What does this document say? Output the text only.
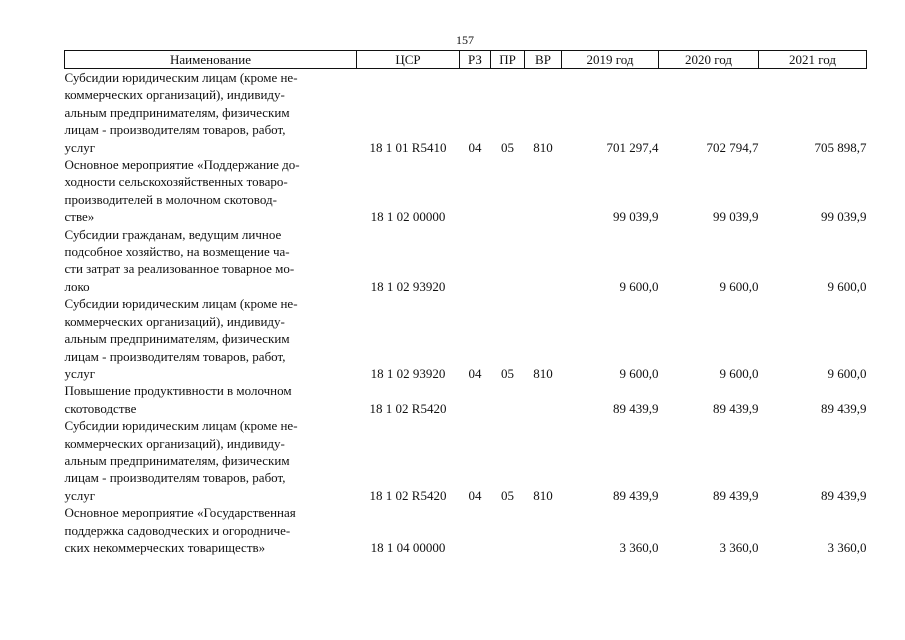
157
Наименование	ЦСР	РЗ	ПР	ВР	2019 год	2020 год	2021 год

Субсидии юридическим лицам (кроме не-
коммерческих организаций), индивиду-
альным предпринимателям, физическим
лицам - производителям товаров, работ,
услуг	18 1 01 R5410	04	05	810	701 297,4	702 794,7	705 898,7

Основное мероприятие «Поддержание до-
ходности сельскохозяйственных товаро-
производителей в молочном скотовод-
стве»	18 1 02 00000				99 039,9	99 039,9	99 039,9

Субсидии гражданам, ведущим личное
подсобное хозяйство, на возмещение ча-
сти затрат за реализованное товарное мо-
локо	18 1 02 93920				9 600,0	9 600,0	9 600,0

Субсидии юридическим лицам (кроме не-
коммерческих организаций), индивиду-
альным предпринимателям, физическим
лицам - производителям товаров, работ,
услуг	18 1 02 93920	04	05	810	9 600,0	9 600,0	9 600,0

Повышение продуктивности в молочном
скотоводстве	18 1 02 R5420				89 439,9	89 439,9	89 439,9

Субсидии юридическим лицам (кроме не-
коммерческих организаций), индивиду-
альным предпринимателям, физическим
лицам - производителям товаров, работ,
услуг	18 1 02 R5420	04	05	810	89 439,9	89 439,9	89 439,9

Основное мероприятие «Государственная
поддержка садоводческих и огородниче-
ских некоммерческих товариществ»	18 1 04 00000				3 360,0	3 360,0	3 360,0
